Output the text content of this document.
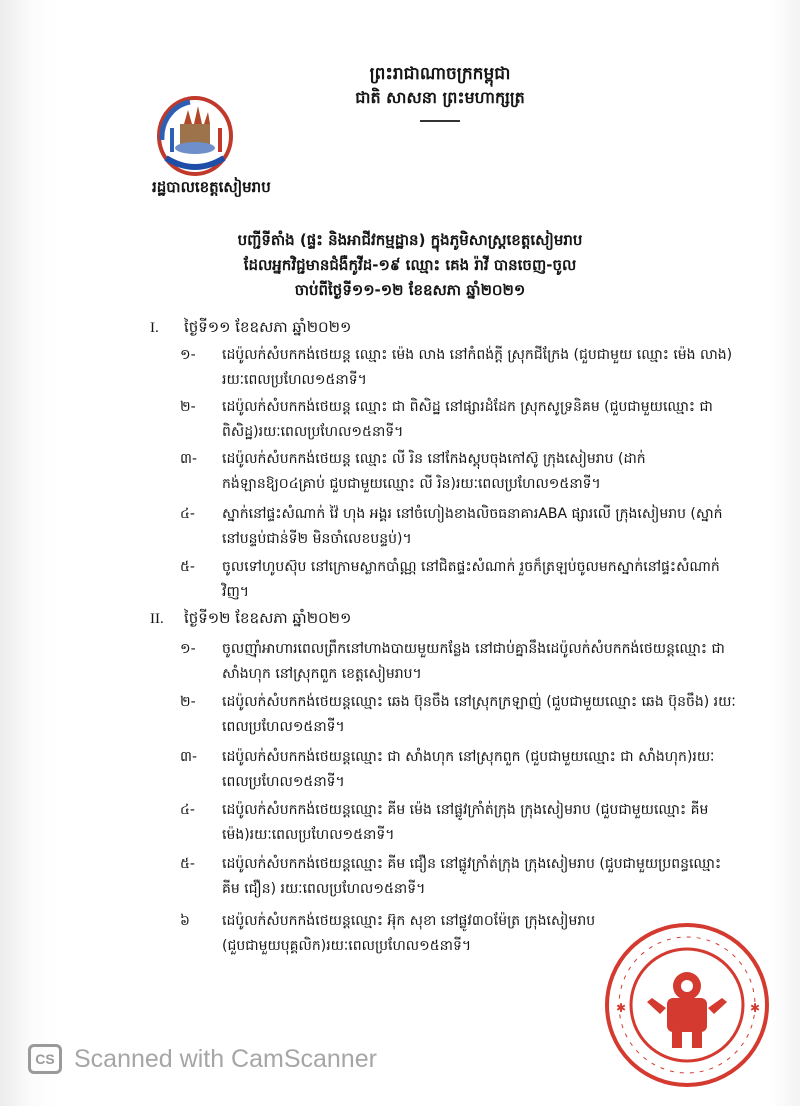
ព្រះរាជាណាចក្រកម្ពុជា
ជាតិ សាសនា ព្រះមហាក្សត្រ
រដ្ឋបាលខេត្តសៀមរាប
បញ្ជីទីតាំង (ផ្ទះ និងអាជីវកម្មដ្ឋាន) ក្នុងភូមិសាស្ត្រខេត្តសៀមរាប
ដែលអ្នកវិជ្ជមានជំងឺកូវីដ-១៩ ឈ្មោះ គេង រ៉ាវី បានចេញ-ចូល
ចាប់ពីថ្ងៃទី១១-១២ ខែឧសភា ឆ្នាំ២០២១
I. ថ្ងៃទី១១ ខែឧសភា ឆ្នាំ២០២១
១-	ដេប៉ូលក់សំបកកង់ថេយន្ត ឈ្មោះ ម៉េង លាង នៅកំពង់ក្តី ស្រុកជីក្រែង (ជួបជាមួយ ឈ្មោះ ម៉េង លាង) រយៈពេលប្រហែល១៥នាទី។
២-	ដេប៉ូលក់សំបកកង់ថេយន្ត ឈ្មោះ ជា ពិសិដ្ឋ នៅផ្សារដំដែក ស្រុកសូទ្រនិគម (ជួបជាមួយឈ្មោះ ជា ពិសិដ្ឋ)រយៈពេលប្រហែល១៥នាទី។
៣-	ដេប៉ូលក់សំបកកង់ថេយន្ត ឈ្មោះ លី រិន នៅកែងស្តុបចុងកៅស៊ូ ក្រុងសៀមរាប (ដាក់កង់ឡានឱ្យ០៤គ្រាប់ ជួបជាមួយឈ្មោះ លី រិន)រយៈពេលប្រហែល១៥នាទី។
៤-	ស្នាក់នៅផ្ទះសំណាក់ វ៉ៃ ហុង អង្គរ នៅចំហៀងខាងលិចធនាគារABA ផ្សារលើ ក្រុងសៀមរាប (ស្នាក់នៅបន្ទប់ជាន់ទី២ មិនចាំលេខបន្ទប់)។
៥-	ចូលទៅហូបស៊ុប នៅក្រោមស្លាកបាំណ្ណ នៅជិតផ្ទះសំណាក់ រួចក៏ត្រឡប់ចូលមកស្នាក់នៅផ្ទះសំណាក់វិញ។
II. ថ្ងៃទី១២ ខែឧសភា ឆ្នាំ២០២១
១-	ចូលញ៉ាំអាហារពេលព្រឹកនៅហាងបាយមួយកន្លែង នៅជាប់គ្នានឹងដេប៉ូលក់សំបកកង់ថេយន្តឈ្មោះ ជា សាំងហុក នៅស្រុកពួក ខេត្តសៀមរាប។
២-	ដេប៉ូលក់សំបកកង់ថេយន្តឈ្មោះ ឆេង ប៊ុនចឹង នៅស្រុកក្រឡាញ់ (ជួបជាមួយឈ្មោះ ឆេង ប៊ុនចឹង) រយៈពេលប្រហែល១៥នាទី។
៣-	ដេប៉ូលក់សំបកកង់ថេយន្តឈ្មោះ ជា សាំងហុក នៅស្រុកពួក (ជួបជាមួយឈ្មោះ ជា សាំងហុក)រយៈពេលប្រហែល១៥នាទី។
៤-	ដេប៉ូលក់សំបកកង់ថេយន្តឈ្មោះ គីម ម៉េង នៅផ្លូវក្រាំត់ក្រុង ក្រុងសៀមរាប (ជួបជាមួយឈ្មោះ គីម ម៉េង)រយៈពេលប្រហែល១៥នាទី។
៥-	ដេប៉ូលក់សំបកកង់ថេយន្តឈ្មោះ គីម ជឿន នៅផ្លូវក្រាំត់ក្រុង ក្រុងសៀមរាប (ជួបជាមួយប្រពន្ធឈ្មោះ គីម ជឿន) រយៈពេលប្រហែល១៥នាទី។
៦	ដេប៉ូលក់សំបកកង់ថេយន្តឈ្មោះ អ៊ុក សុខា នៅផ្លូវ៣០ម៉ែត្រ ក្រុងសៀមរាប (ជួបជាមួយបុគ្គលិក)រយៈពេលប្រហែល១៥នាទី។
✱	✱
CS Scanned with CamScanner
